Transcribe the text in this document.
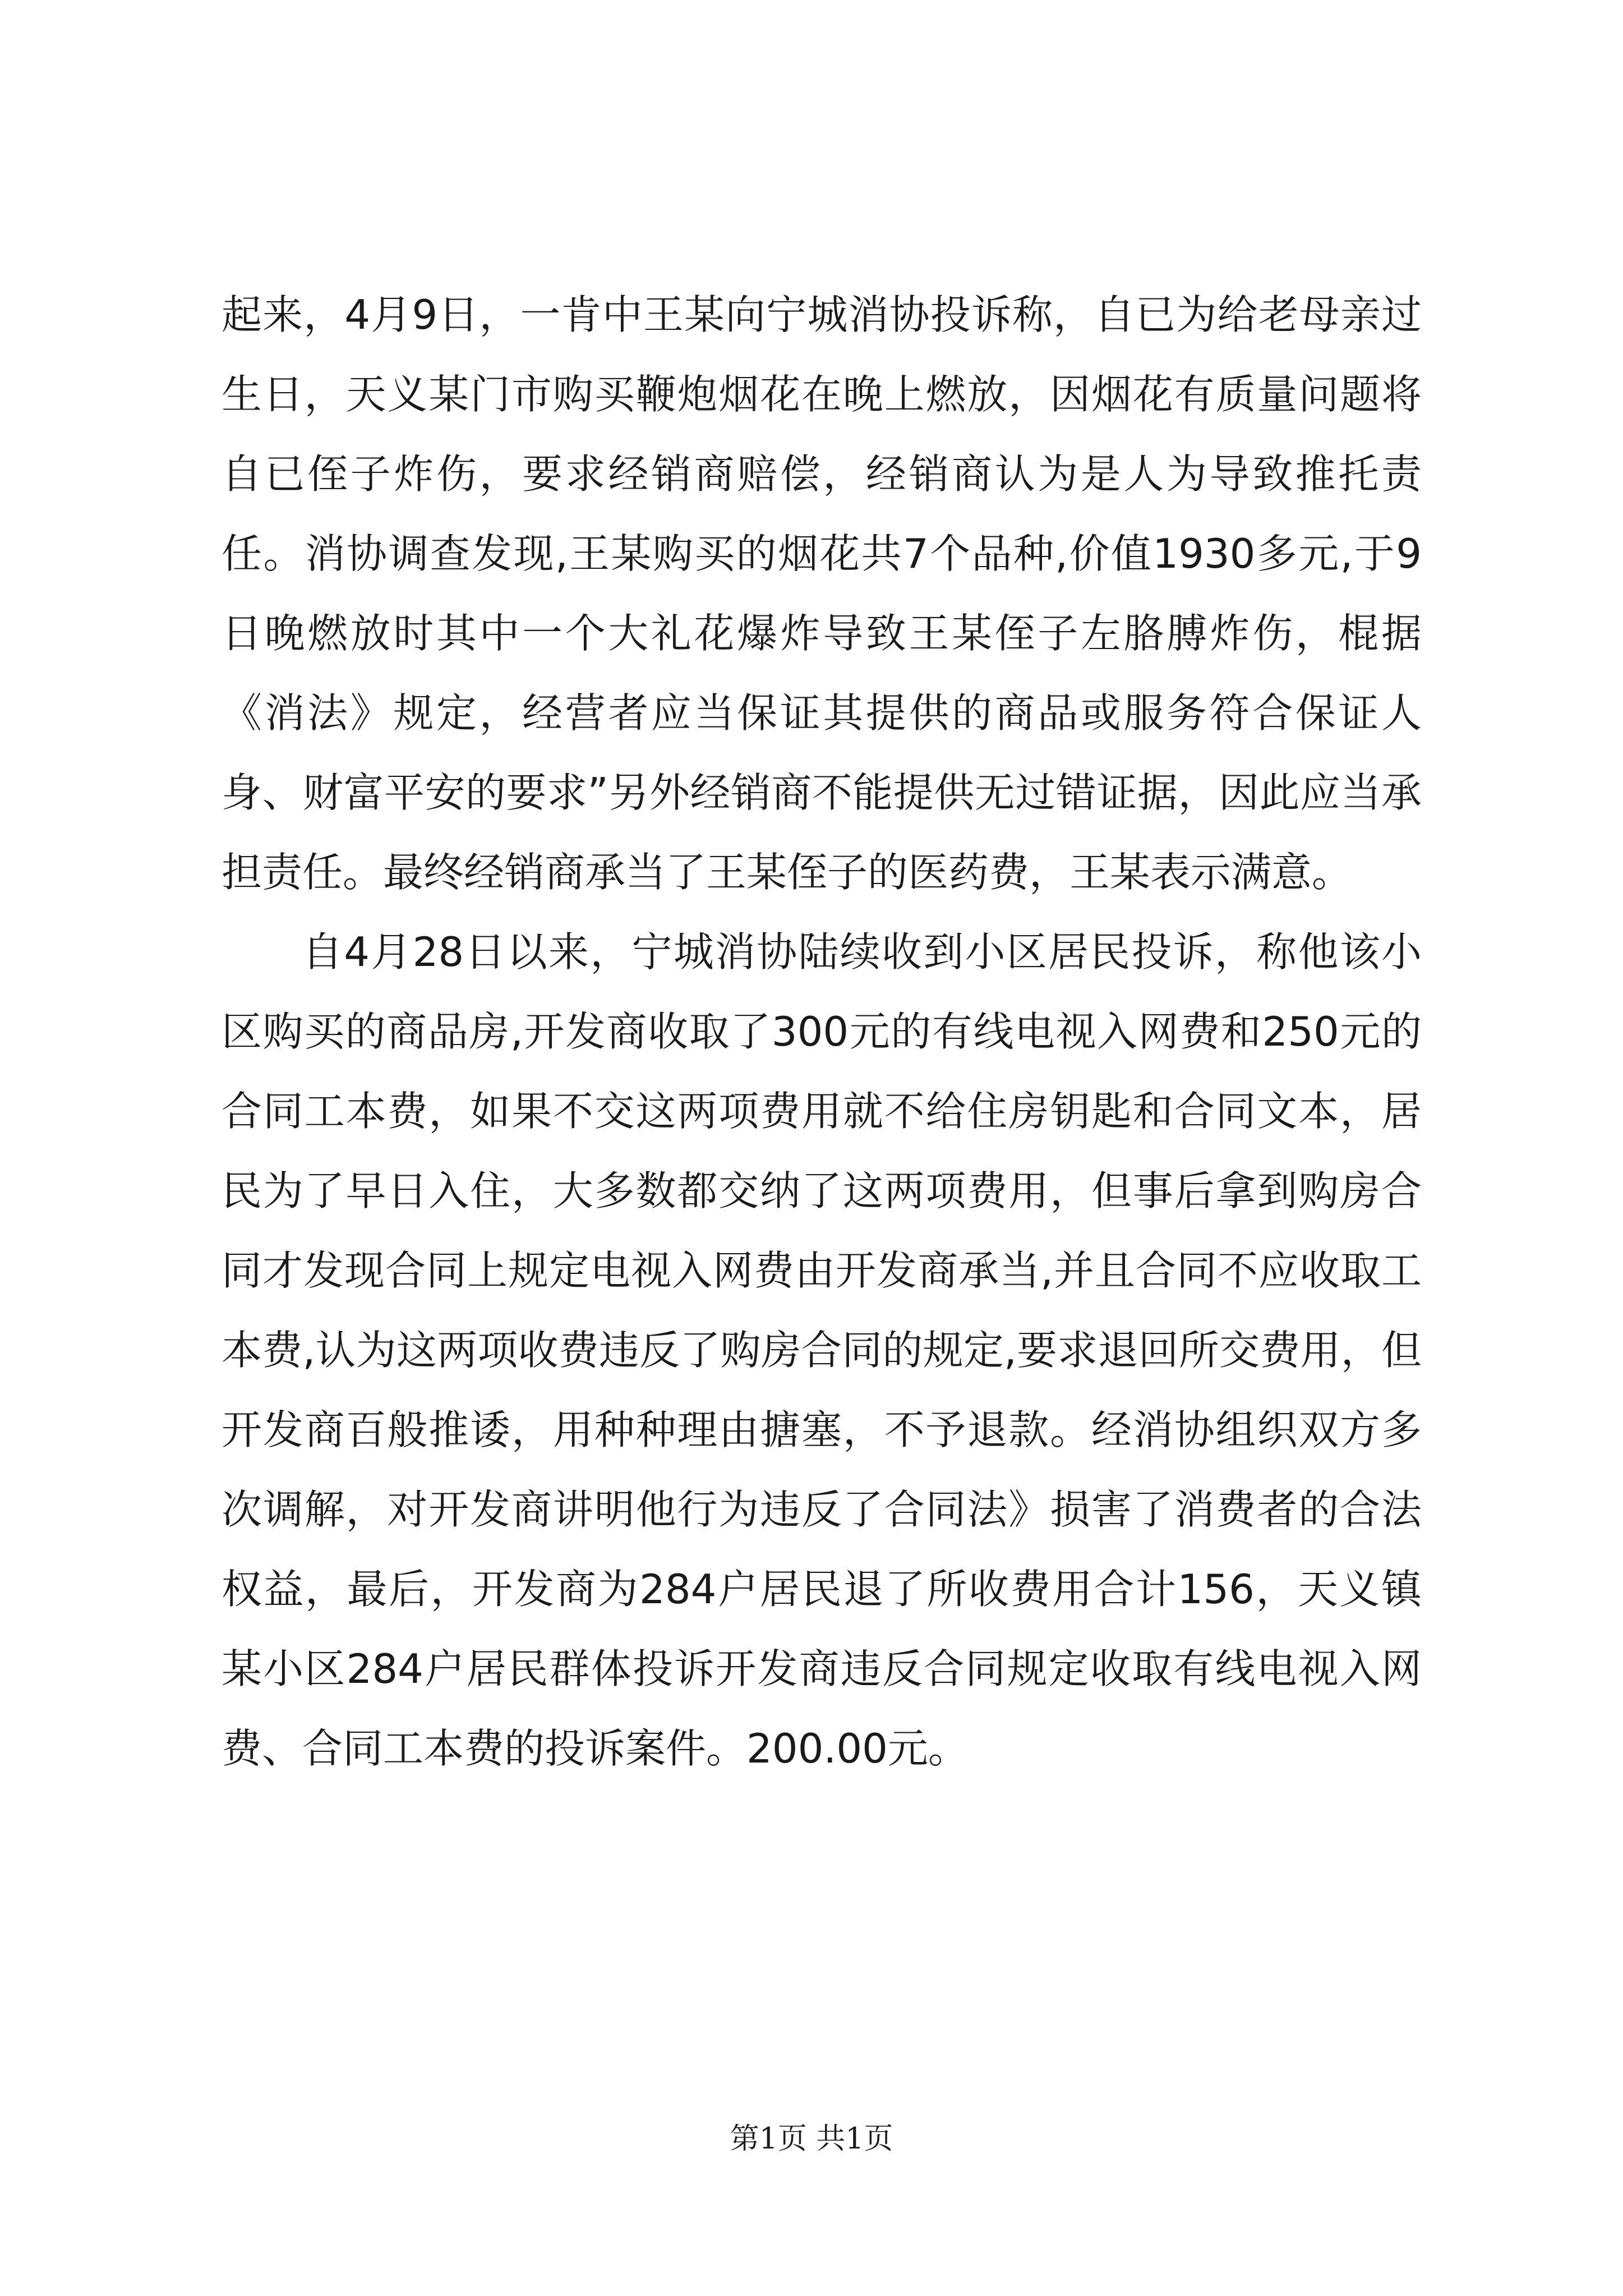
起来，4月9日，一肯中王某向宁城消协投诉称，自已为给老母亲过生日，天义某门市购买鞭炮烟花在晚上燃放，因烟花有质量问题将自已侄子炸伤，要求经销商赔偿，经销商认为是人为导致推托责任。消协调查发现,王某购买的烟花共7个品种,价值1930多元,于9日晚燃放时其中一个大礼花爆炸导致王某侄子左胳膊炸伤，棍据《消法》规定，经营者应当保证其提供的商品或服务符合保证人身、财富平安的要求”另外经销商不能提供无过错证据，因此应当承担责任。最终经销商承当了王某侄子的医药费，王某表示满意。

自4月28日以来，宁城消协陆续收到小区居民投诉，称他该小区购买的商品房,开发商收取了300元的有线电视入网费和250元的合同工本费，如果不交这两项费用就不给住房钥匙和合同文本，居民为了早日入住，大多数都交纳了这两项费用，但事后拿到购房合同才发现合同上规定电视入网费由开发商承当,并且合同不应收取工本费,认为这两项收费违反了购房合同的规定,要求退回所交费用，但开发商百般推诿，用种种理由搪塞，不予退款。经消协组织双方多次调解，对开发商讲明他行为违反了合同法》损害了消费者的合法权益，最后，开发商为284户居民退了所收费用合计156，天义镇某小区284户居民群体投诉开发商违反合同规定收取有线电视入网费、合同工本费的投诉案件。200.00元。

第1页 共1页
